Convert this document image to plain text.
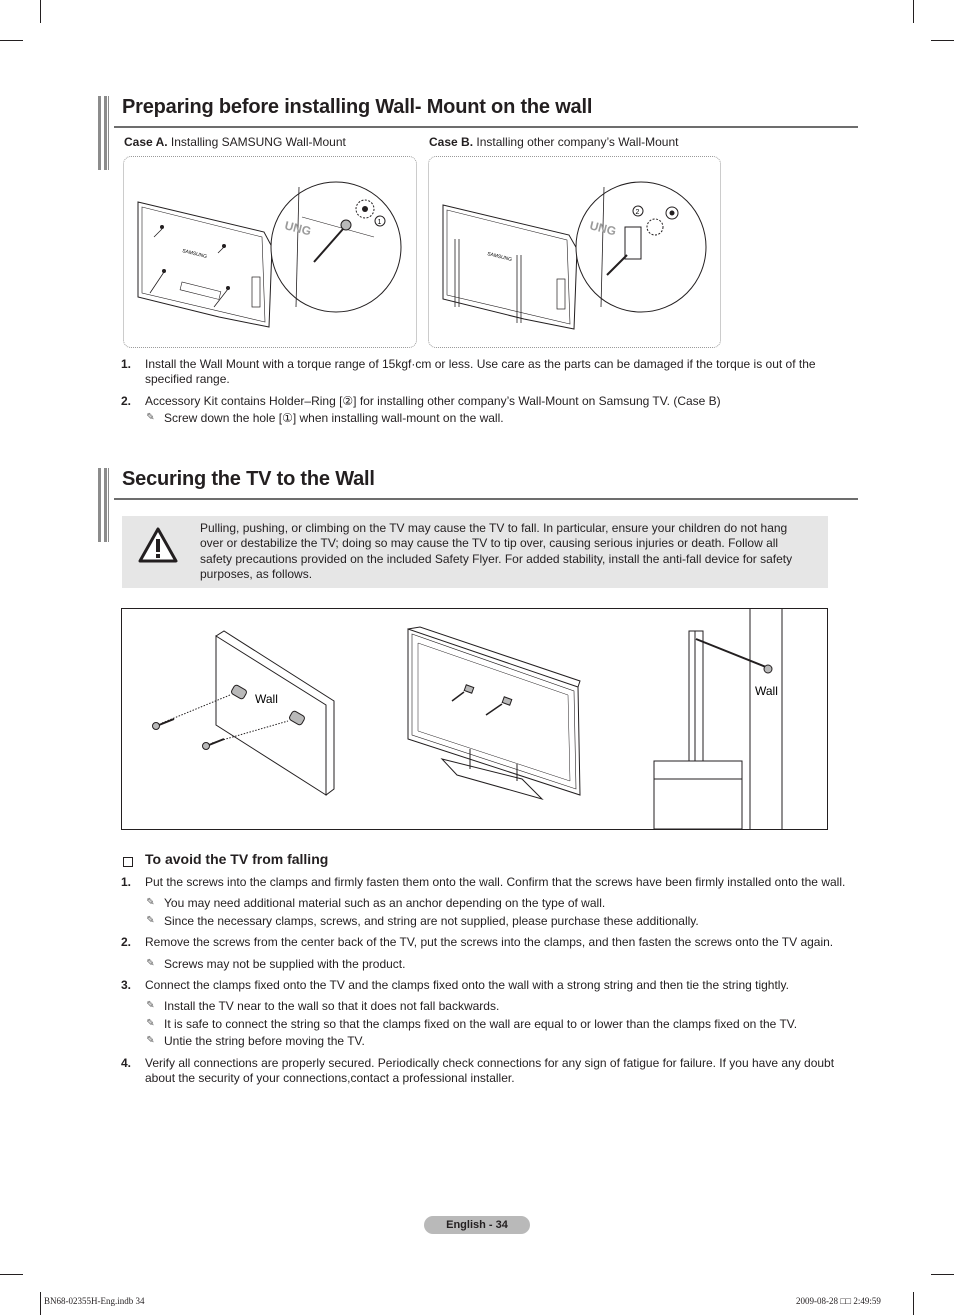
Preparing before installing Wall- Mount on the wall
Case A. Installing SAMSUNG Wall-Mount	Case B. Installing other company’s Wall-Mount
SAMSUNG
UNG	1
SAMSUNG
UNG
2
1. Install the Wall Mount with a torque range of 15kgf·cm or less. Use care as the parts can be damaged if the torque is out of the
specified range.
2. Accessory Kit contains Holder–Ring [②] for installing other company’s Wall-Mount on Samsung TV. (Case B)
✎ Screw down the hole [①] when installing wall-mount on the wall.
Securing the TV to the Wall
Pulling, pushing, or climbing on the TV may cause the TV to fall. In particular, ensure your children do not hang
over or destabilize the TV; doing so may cause the TV to tip over, causing serious injuries or death. Follow all
safety precautions provided on the included Safety Flyer. For added stability, install the anti-fall device for safety
purposes, as follows.
Wall
Wall
To avoid the TV from falling
1. Put the screws into the clamps and firmly fasten them onto the wall. Confirm that the screws have been firmly installed onto the wall.
✎ You may need additional material such as an anchor depending on the type of wall.
✎ Since the necessary clamps, screws, and string are not supplied, please purchase these additionally.
2. Remove the screws from the center back of the TV, put the screws into the clamps, and then fasten the screws onto the TV again.
✎ Screws may not be supplied with the product.
3. Connect the clamps fixed onto the TV and the clamps fixed onto the wall with a strong string and then tie the string tightly.
✎ Install the TV near to the wall so that it does not fall backwards.
✎ It is safe to connect the string so that the clamps fixed on the wall are equal to or lower than the clamps fixed on the TV.
✎ Untie the string before moving the TV.
4. Verify all connections are properly secured. Periodically check connections for any sign of fatigue for failure. If you have any doubt
about the security of your connections,contact a professional installer.
English - 34
BN68-02355H-Eng.indb 34	2009-08-28 □□ 2:49:59
